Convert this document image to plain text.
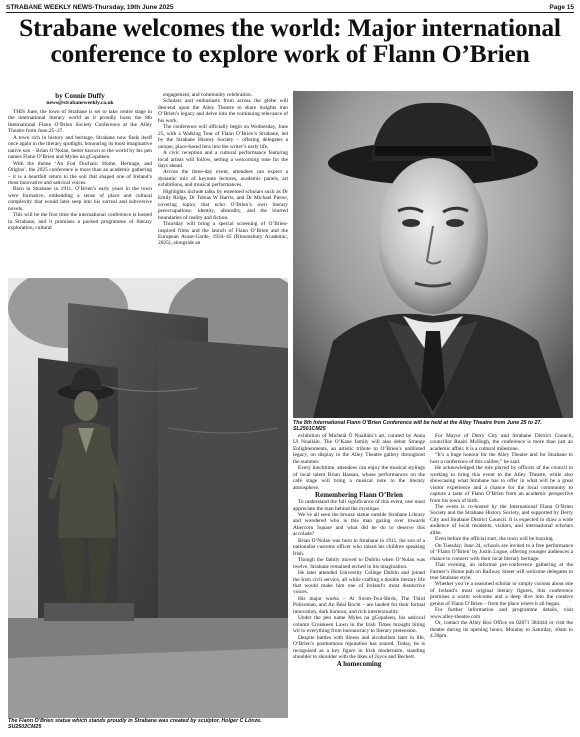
STRABANE WEEKLY NEWS-Thursday, 19th June 2025	Page 15
Strabane welcomes the world: Major international conference to explore work of Flann O’Brien

by Connie Duffy

news@strabaneweekly.co.uk

THIS June, the town of Strabane is set to take centre stage in the international literary world as it proudly hosts the 8th International Flann O’Brien Society Conference at the Alley Theatre from June 25–27.

A town rich in history and heritage, Strabane now finds itself once again in the literary spotlight, honouring its most imaginative native son – Brian O’Nolan, better known to the world by his pen names Flann O’Brien and Myles na gCopaleen.

With the theme ‘An Fod Duchais: Home, Heritage, and Origins’, the 2025 conference is more than an academic gathering – it is a heartfelt return to the soil that shaped one of Ireland’s most innovative and satirical voices.

Born in Strabane in 1911, O’Brien’s early years in the town were formative, embedding a sense of place and cultural complexity that would later seep into his surreal and subversive novels.

This will be the first time the international conference is hosted in Strabane, and it promises a packed programme of literary exploration, cultural

engagement, and community celebration.

Scholars and enthusiasts from across the globe will descend upon the Alley Theatre to share insights into O’Brien’s legacy and delve into the continuing relevance of his work.

The conference will officially begin on Wednesday, June 25, with a Walking Tour of Flann O’Brien’s Strabane, led by the Strabane History Society – offering delegates a unique, place-based lens into the writer’s early life.

A civic reception and a cultural performance featuring local artists will follow, setting a welcoming tone for the days ahead.

Across the three-day event, attendees can expect a dynamic mix of keynote lectures, academic panels, art exhibitions, and musical performances.

Highlights include talks by esteemed scholars such as Dr Emily Ridge, Dr Tobias W Harris, and Dr Michael Pierse, covering topics that echo O’Brien’s own literary preoccupations: identity, absurdity, and the blurred boundaries of reality and fiction.

Thursday will bring a special screening of O’Brien-inspired films and the launch of Flann O’Brien and the European Avant-Garde, 1934–45 (Bloomsbury Academic, 2025), alongside an

The 8th International Flann O’Brien Conference will be held at the Alley Theatre from June 25 to 27. SL2501CM25
The Flann O’Brien statue which stands proudly in Strabane was created by sculptor, Holger C Lönze. SU2502CM25

exhibition of Micheál Ó Nualláin’s art, curated by Anna Ui Nualláin. The O’Kane family will also debut Strange Enlightenments, an artistic tribute to O’Brien’s undiluted legacy, on display in the Alley Theatre gallery throughout the summer.

Every lunchtime, attendees can enjoy the musical stylings of local talent Brian Hassan, whose performances on the café stage will bring a musical note to the literary atmosphere.

Remembering Flann O’Brien

To understand the full significance of this event, one must appreciate the man behind the mystique.

We’ve all seen the bronze statue outside Strabane Library and wondered who is this man gazing over towards Abercorn Square and what did he do to deserve this accolade?

Brian O’Nolan was born in Strabane in 1911, the son of a nationalist customs officer who raised his children speaking Irish.

Though the family moved to Dublin when O’Nolan was twelve, Strabane remained etched in his imagination.

He later attended University College Dublin and joined the Irish civil service, all while crafting a double literary life that would make him one of Ireland’s most distinctive voices.

His major works – At Swim-Two-Birds, The Third Policeman, and An Béal Bocht – are lauded for their formal innovation, dark humour, and rich intertextuality.

Under the pen name Myles na gCopaleen, his satirical column Cruiskeen Lawn in the Irish Times brought biting wit to everything from bureaucracy to literary pretension.

Despite battles with illness and alcoholism later in life, O’Brien’s posthumous reputation has soared. Today, he is recognised as a key figure in Irish modernism, standing shoulder to shoulder with the likes of Joyce and Beckett.

A homecoming

For Mayor of Derry City and Strabane District Council, councillor Ruairi McHugh, the conference is more than just an academic affair, it is a cultural milestone.

“It’s a huge honour for the Alley Theatre and for Strabane to host a conference of this calibre,” he said.

He acknowledged the role played by officers of the council in working to bring this event to the Alley Theatre, while also showcasing what Strabane has to offer in what will be a great visitor experience and a chance for the local community to capture a taste of Flann O’Brien from an academic perspective from his town of birth.

The event is co-hosted by the International Flann O’Brien Society and the Strabane History Society, and supported by Derry City and Strabane District Council. It is expected to draw a wide audience of local residents, visitors, and international scholars alike.

Even before the official start, the town will be buzzing.

On Tuesday, June 24, schools are invited to a free performance of ‘Flann O’Brien’ by Justin Logue, offering younger audiences a chance to connect with their local literary heritage.

That evening, an informal pre-conference gathering at the Farmer’s Home pub on Railway Street will welcome delegates in true Strabane style.

Whether you’re a seasoned scholar or simply curious about one of Ireland’s most original literary figures, this conference promises a warm welcome and a deep dive into the creative genius of Flann O’Brien – from the place where it all began.

For further information and programme details, visit www.alley-theatre.com

Or, contact the Alley Box Office on 02871 384444 or visit the theatre during its opening hours, Monday to Saturday, 10am to 4.30pm.
